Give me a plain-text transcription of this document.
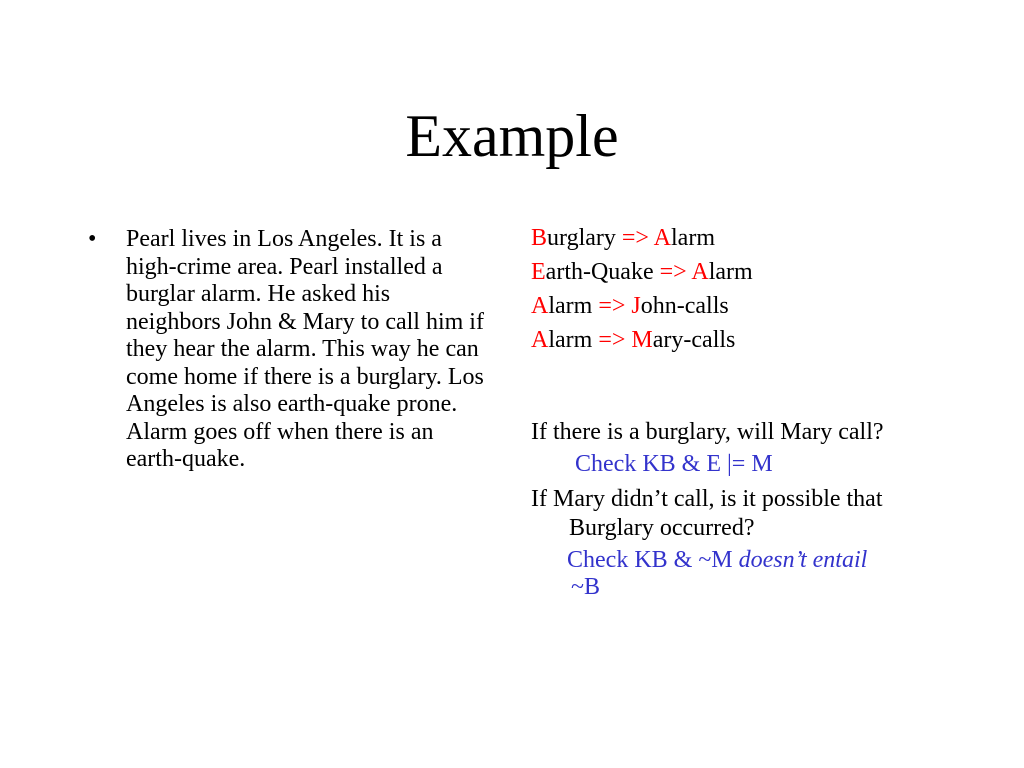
Example
• Pearl lives in Los Angeles. It is a high-crime area. Pearl installed a burglar alarm. He asked his neighbors John & Mary to call him if they hear the alarm. This way he can come home if there is a burglary. Los Angeles is also earth-quake prone. Alarm goes off when there is an earth-quake.
Burglary => Alarm
Earth-Quake => Alarm
Alarm => John-calls
Alarm => Mary-calls
If there is a burglary, will Mary call?
Check KB & E |= M
If Mary didn’t call, is it possible that Burglary occurred?
Check KB & ~M doesn’t entail
~B
